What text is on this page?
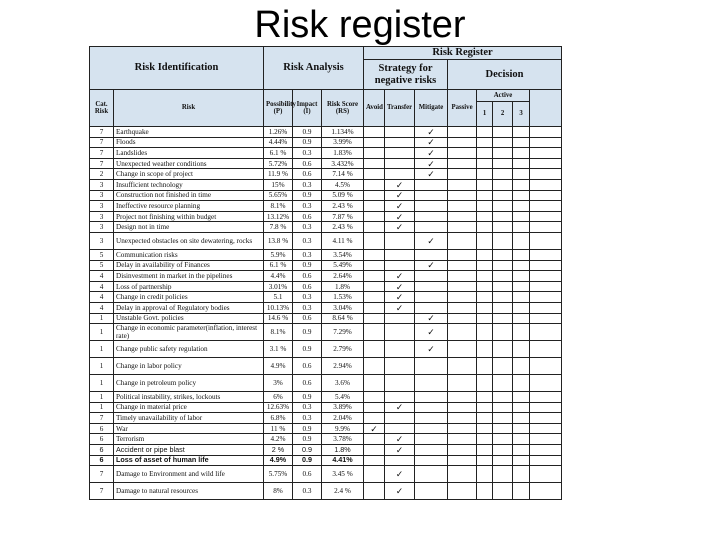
Risk register
Risk Identification		Risk Analysis			Risk Register							
					Strategy for negative risks			Decision				
Cat. Risk	Risk	Possibility (P)	Impact (I)	Risk Score (RS)	Avoid	Transfer	Mitigate	Passive	Active			
									1	2	3	
7	Earthquake	1.26%	0.9	1.134%			✓					
7	Floods	4.44%	0.9	3.99%			✓					
7	Landslides	6.1 %	0.3	1.83%			✓					
7	Unexpected weather conditions	5.72%	0.6	3.432%			✓					
2	Change in scope of project	11.9 %	0.6	7.14 %			✓					
3	Insufficient technology	15%	0.3	4.5%		✓						
3	Construction not finished in time	5.65%	0.9	5.09 %		✓						
3	Ineffective resource planning	8.1%	0.3	2.43 %		✓						
3	Project not finishing within budget	13.12%	0.6	7.87 %		✓						
3	Design not in time	7.8 %	0.3	2.43 %		✓						
3	Unexpected obstacles on site dewatering, rocks	13.8 %	0.3	4.11 %			✓					
5	Communication risks	5.9%	0.3	3.54%								
5	Delay in availability of Finances	6.1 %	0.9	5.49%			✓					
4	Disinvestment in market in the pipelines	4.4%	0.6	2.64%		✓						
4	Loss of partnership	3.01%	0.6	1.8%		✓						
4	Change in credit policies	5.1	0.3	1.53%		✓						
4	Delay in approval of Regulatory bodies	10.13%	0.3	3.04%		✓						
1	Unstable Govt. policies	14.6 %	0.6	8.64 %			✓					
1	Change in economic parameter(inflation, interest rate)	8.1%	0.9	7.29%			✓					
1	Change public safety regulation	3.1 %	0.9	2.79%			✓					
1	Change in labor policy	4.9%	0.6	2.94%								
1	Change in petroleum policy	3%	0.6	3.6%								
1	Political instability, strikes, lockouts	6%	0.9	5.4%								
1	Change in material price	12.63%	0.3	3.89%		✓						
7	Timely unavailability of labor	6.8%	0.3	2.04%								
6	War	11 %	0.9	9.9%	✓							
6	Terrorism	4.2%	0.9	3.78%		✓						
6	Accident or pipe blast	2 %	0.9	1.8%		✓						
6	Loss of asset of human life	4.9%	0.9	4.41%								
7	Damage to Environment and wild life	5.75%	0.6	3.45 %		✓						
7	Damage to natural resources	8%	0.3	2.4 %		✓						
